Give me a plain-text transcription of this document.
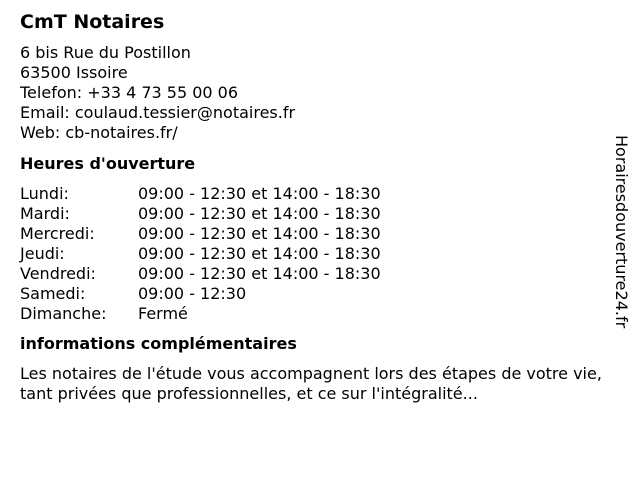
CmT Notaires
6 bis Rue du Postillon
63500 Issoire
Telefon: +33 4 73 55 00 06
Email: coulaud.tessier@notaires.fr
Web: cb-notaires.fr/
Heures d'ouverture
Lundi:	09:00 - 12:30 et 14:00 - 18:30
Mardi:	09:00 - 12:30 et 14:00 - 18:30
Mercredi:	09:00 - 12:30 et 14:00 - 18:30
Jeudi:	09:00 - 12:30 et 14:00 - 18:30
Vendredi:	09:00 - 12:30 et 14:00 - 18:30
Samedi:	09:00 - 12:30
Dimanche:	Fermé
informations complémentaires
Les notaires de l'étude vous accompagnent lors des étapes de votre vie, tant privées que professionnelles, et ce sur l'intégralité...
Horairesdouverture24.fr
